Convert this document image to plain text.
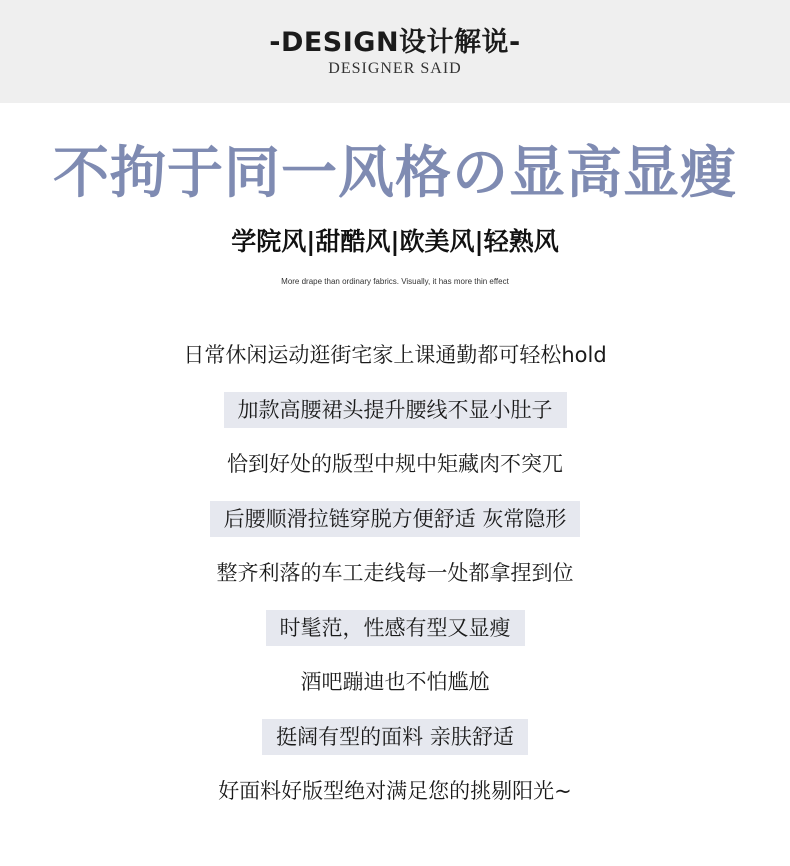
-DESIGN设计解说-
DESIGNER SAID
不拘于同一风格の显高显瘦
学院风|甜酷风|欧美风|轻熟风
More drape than ordinary fabrics. Visually, it has more thin effect
日常休闲运动逛街宅家上课通勤都可轻松hold
加款高腰裙头提升腰线不显小肚子
恰到好处的版型中规中矩藏肉不突兀
后腰顺滑拉链穿脱方便舒适 灰常隐形
整齐利落的车工走线每一处都拿捏到位
时髦范，性感有型又显瘦
酒吧蹦迪也不怕尴尬
挺阔有型的面料 亲肤舒适
好面料好版型绝对满足您的挑剔阳光~
